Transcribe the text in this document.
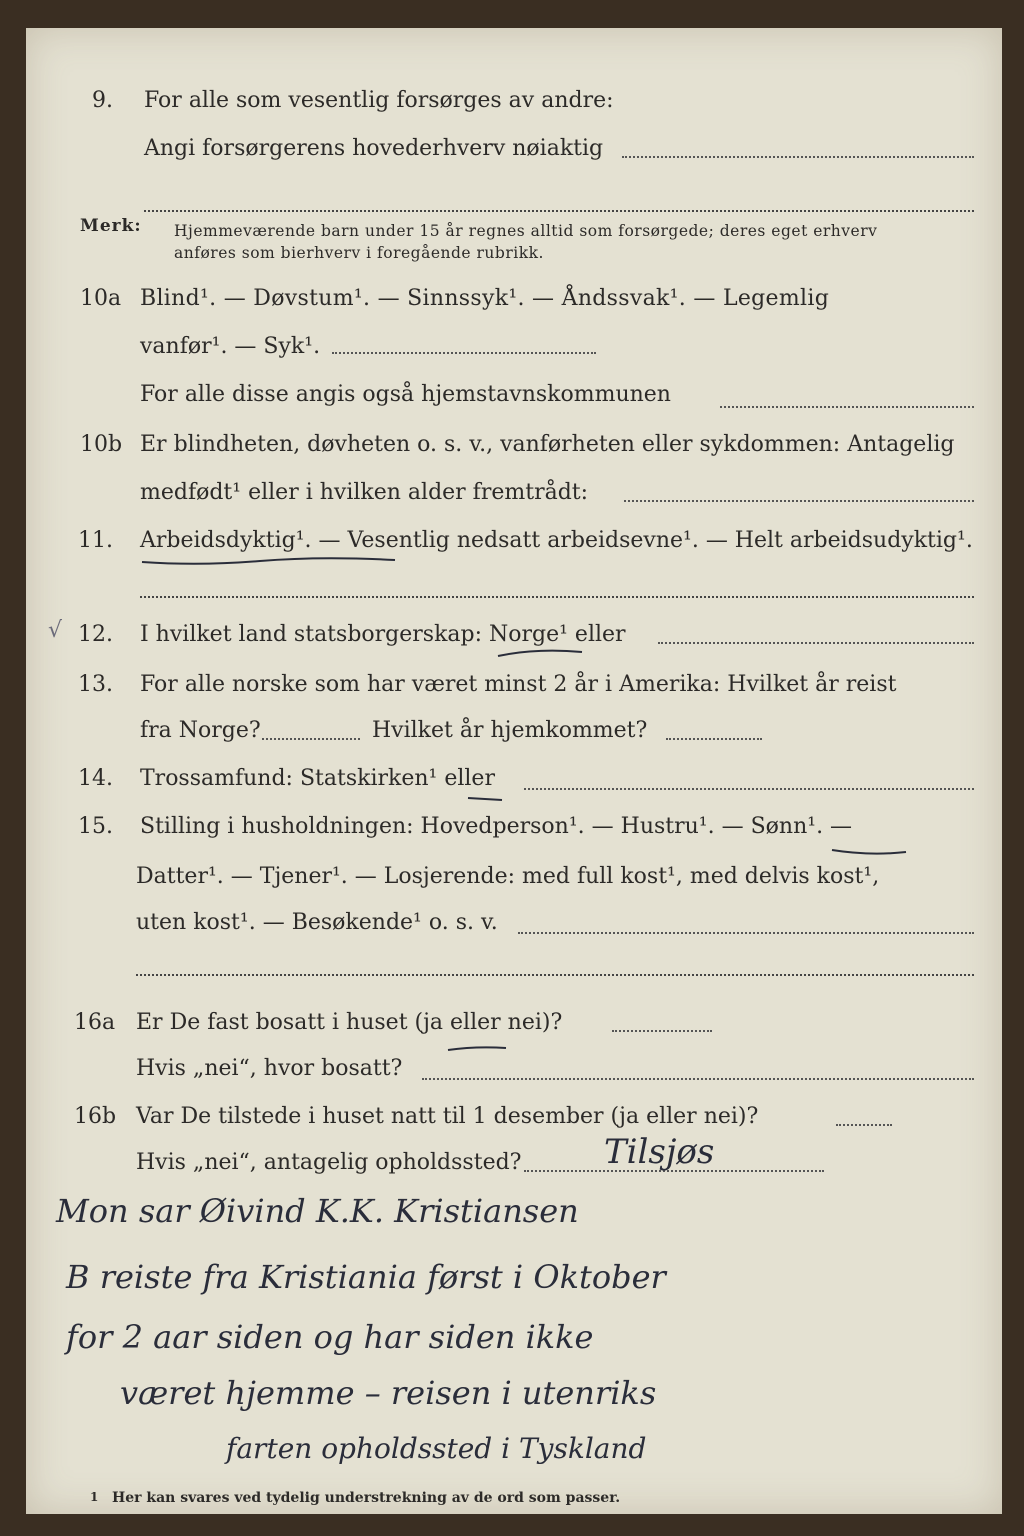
9. For alle som vesentlig forsørges av andre:
Angi forsørgerens hovederhverv nøiaktig
Merk: Hjemmeværende barn under 15 år regnes alltid som forsørgede; deres eget erhverv
anføres som bierhverv i foregående rubrikk.
10a Blind¹. — Døvstum¹. — Sinnssyk¹. — Åndssvak¹. — Legemlig
vanfør¹. — Syk¹.
For alle disse angis også hjemstavnskommunen
10b Er blindheten, døvheten o. s. v., vanførheten eller sykdommen: Antagelig
medfødt¹ eller i hvilken alder fremtrådt:
11. Arbeidsdyktig¹. — Vesentlig nedsatt arbeidsevne¹. — Helt arbeidsudyktig¹.
√ 12. I hvilket land statsborgerskap: Norge¹ eller
13. For alle norske som har været minst 2 år i Amerika: Hvilket år reist
fra Norge?	Hvilket år hjemkommet?
14. Trossamfund: Statskirken¹ eller
15. Stilling i husholdningen: Hovedperson¹. — Hustru¹. — Sønn¹. —
Datter¹. — Tjener¹. — Losjerende: med full kost¹, med delvis kost¹,
uten kost¹. — Besøkende¹ o. s. v.
16a Er De fast bosatt i huset (ja eller nei)?
Hvis „nei“, hvor bosatt?
16b Var De tilstede i huset natt til 1 desember (ja eller nei)?
Hvis „nei“, antagelig opholdssted? Tilsjøs
Mon sar Øivind K.K. Kristiansen
B reiste fra Kristiania først i Oktober
for 2 aar siden og har siden ikke
været hjemme – reisen i utenriks
farten opholdssted i Tyskland
1 Her kan svares ved tydelig understrekning av de ord som passer.
